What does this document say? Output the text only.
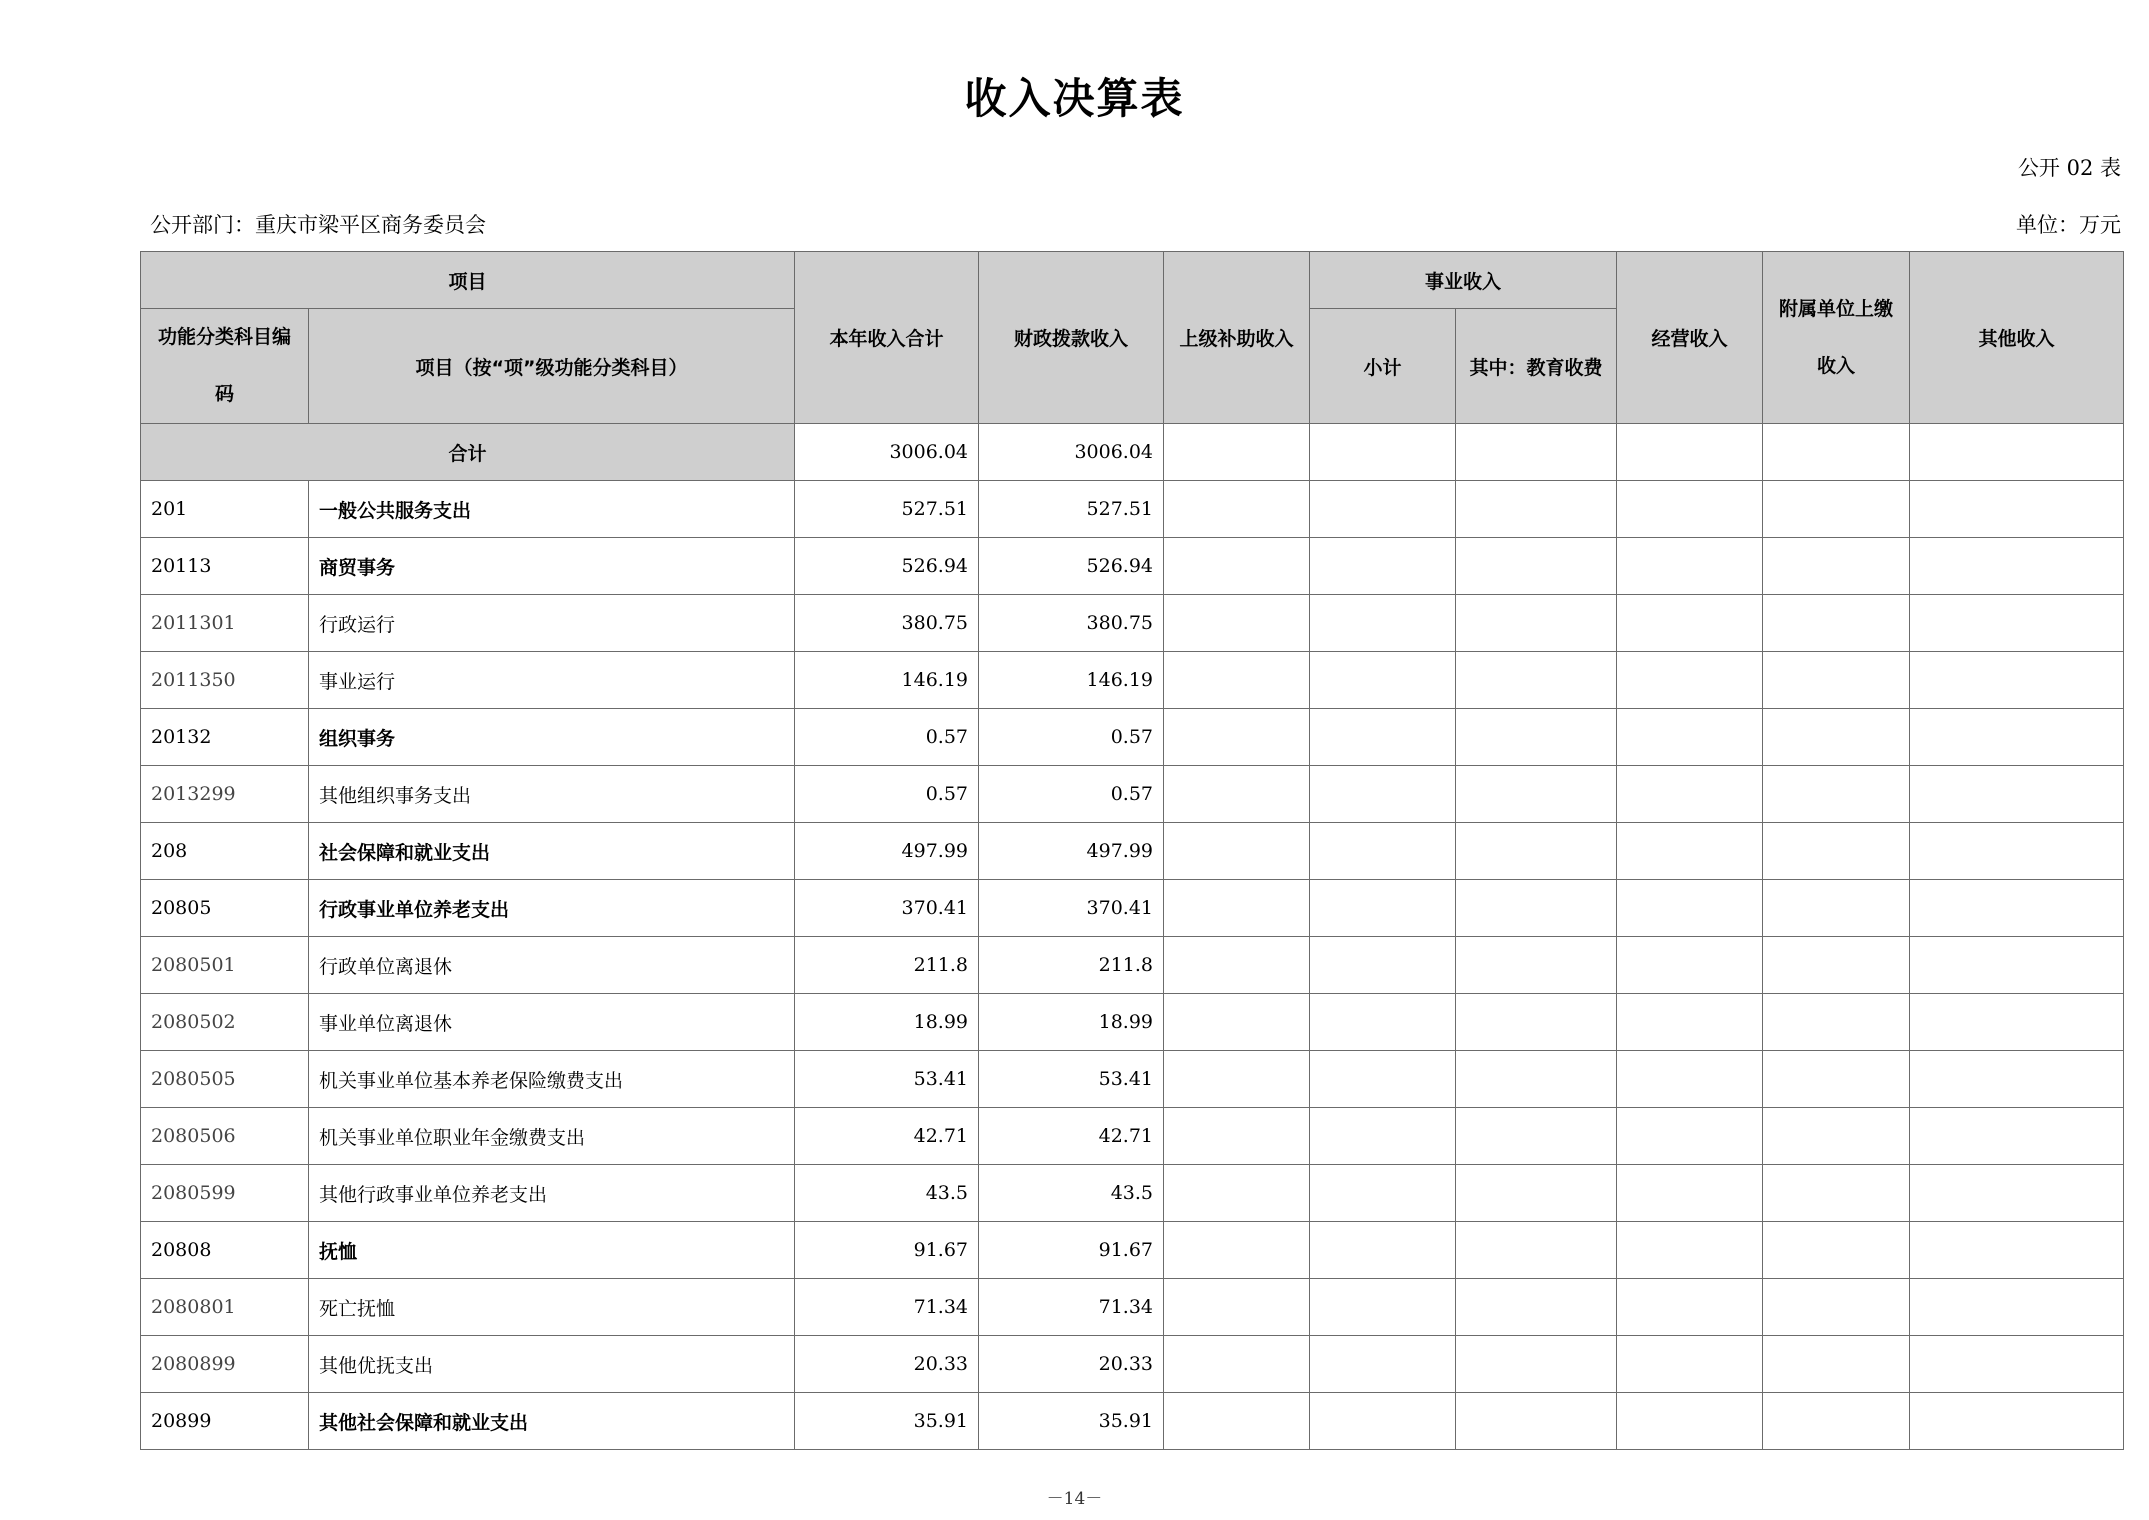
收入决算表
公开 02 表
公开部门：重庆市梁平区商务委员会	单位：万元
项目		本年收入合计	财政拨款收入	上级补助收入	事业收入		经营收入	附属单位上缴收入	其他收入
功能分类科目编码	项目（按“项”级功能分类科目）				小计	其中：教育收费			

合计		3006.04	3006.04						
201	一般公共服务支出	527.51	527.51						
20113	商贸事务	526.94	526.94						
2011301	行政运行	380.75	380.75						
2011350	事业运行	146.19	146.19						
20132	组织事务	0.57	0.57						
2013299	其他组织事务支出	0.57	0.57						
208	社会保障和就业支出	497.99	497.99						
20805	行政事业单位养老支出	370.41	370.41						
2080501	行政单位离退休	211.8	211.8						
2080502	事业单位离退休	18.99	18.99						
2080505	机关事业单位基本养老保险缴费支出	53.41	53.41						
2080506	机关事业单位职业年金缴费支出	42.71	42.71						
2080599	其他行政事业单位养老支出	43.5	43.5						
20808	抚恤	91.67	91.67						
2080801	死亡抚恤	71.34	71.34						
2080899	其他优抚支出	20.33	20.33						
20899	其他社会保障和就业支出	35.91	35.91						
－14－
